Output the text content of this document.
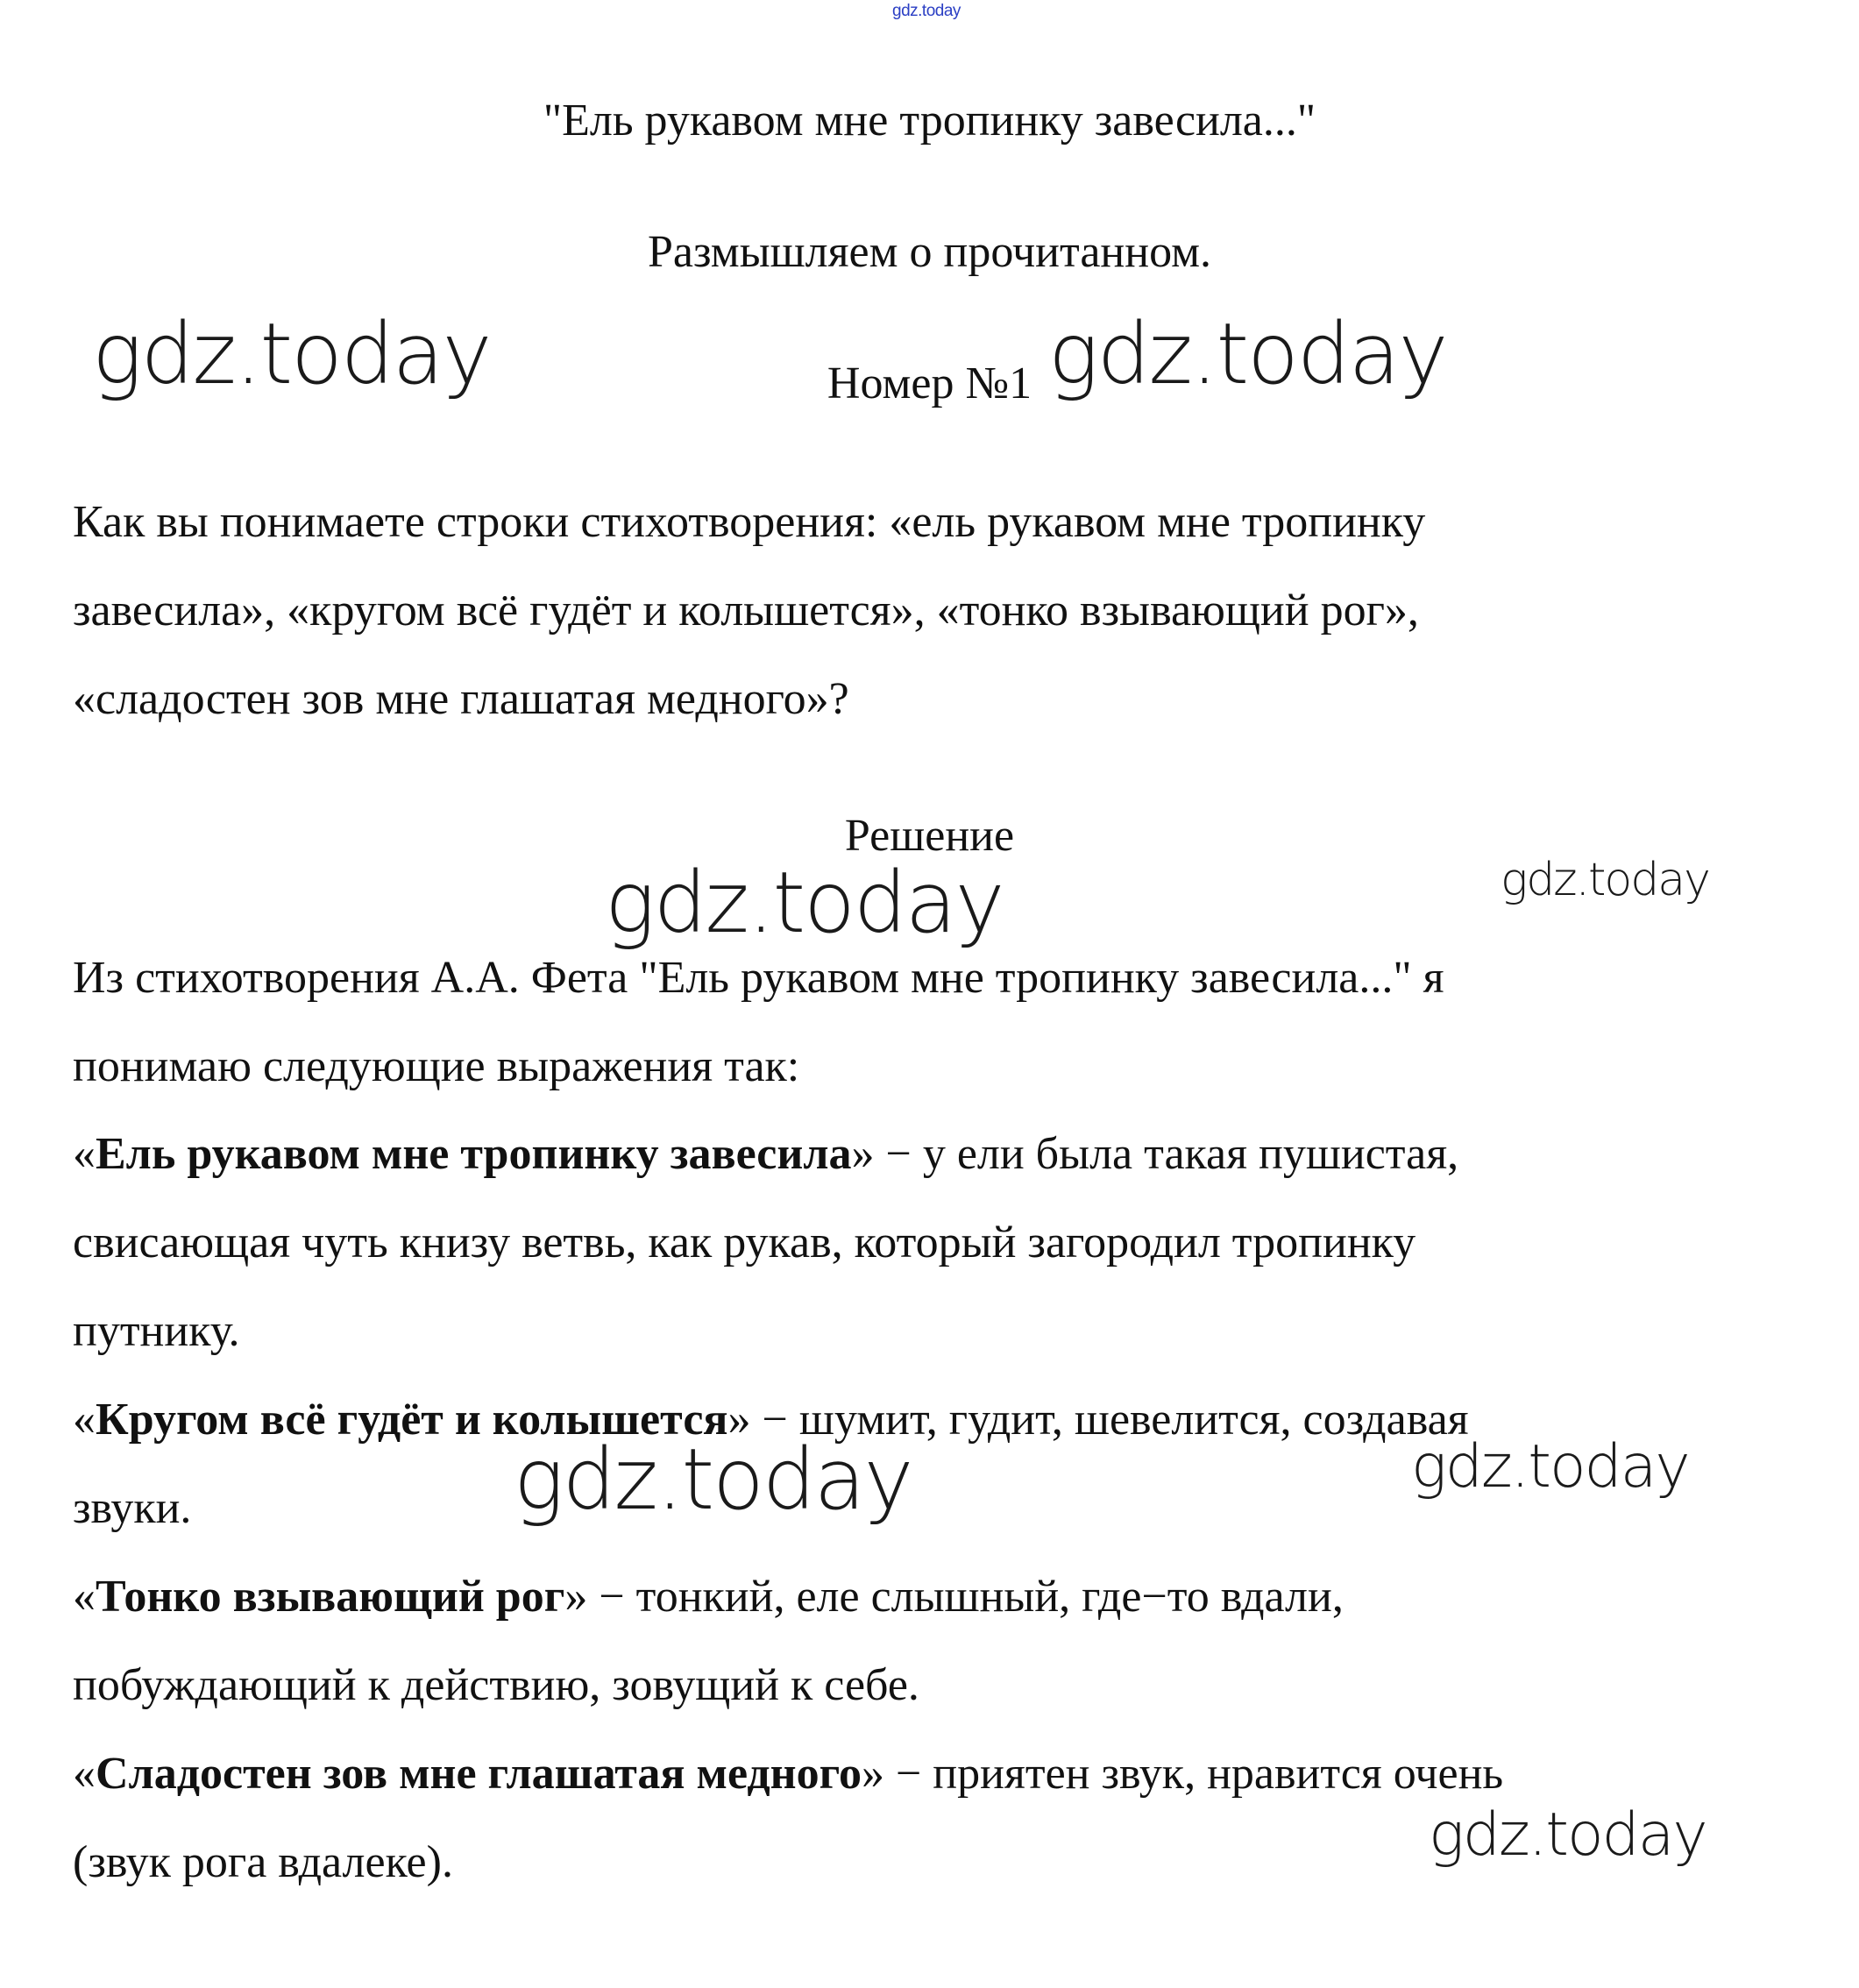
gdz.today
"Ель рукавом мне тропинку завесила..."
Размышляем о прочитанном.
Номер №1
Как вы понимаете строки стихотворения: «ель рукавом мне тропинку
завесила», «кругом всё гудёт и колышется», «тонко взывающий рог»,
«сладостен зов мне глашатая медного»?
Решение
Из стихотворения А.А. Фета "Ель рукавом мне тропинку завесила..." я
понимаю следующие выражения так:
«Ель рукавом мне тропинку завесила» − у ели была такая пушистая,
свисающая чуть книзу ветвь, как рукав, который загородил тропинку
путнику.
«Кругом всё гудёт и колышется» − шумит, гудит, шевелится, создавая
звуки.
«Тонко взывающий рог» − тонкий, еле слышный, где−то вдали,
побуждающий к действию, зовущий к себе.
«Сладостен зов мне глашатая медного» − приятен звук, нравится очень
(звук рога вдалеке).
gdz.today	gdz.today
gdz.today	gdz.today
gdz.today	gdz.today
gdz.today
